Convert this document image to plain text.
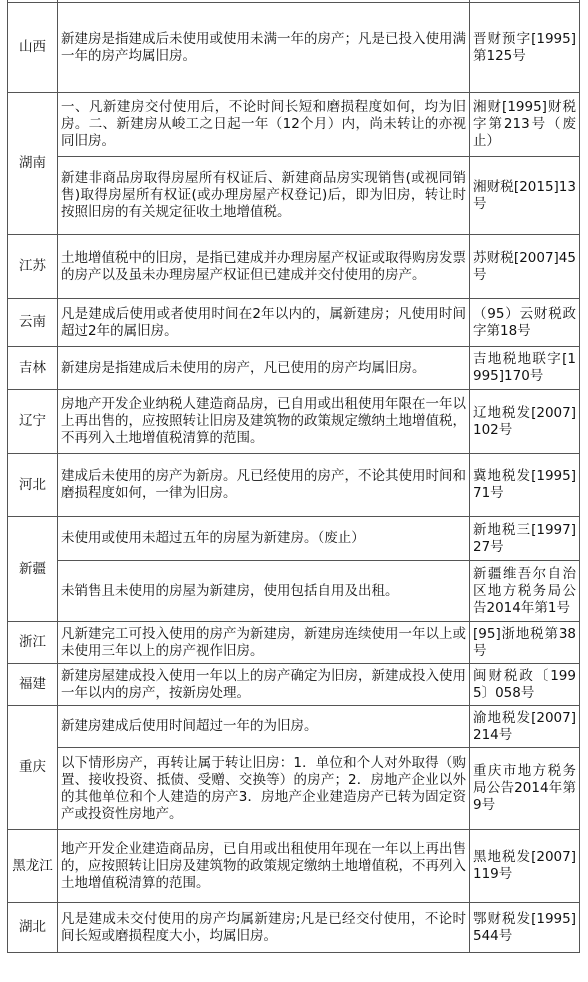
山西	新建房是指建成后未使用或使用未满一年的房产；凡是已投入使用满一年的房产均属旧房。	晋财预字[1995]第125号
湖南	一、凡新建房交付使用后，不论时间长短和磨损程度如何，均为旧房。二、新建房从峻工之日起一年（12个月）内，尚未转让的亦视同旧房。	湘财[1995]财税字第213号（废止）
	新建非商品房取得房屋所有权证后、新建商品房实现销售(或视同销售)取得房屋所有权证(或办理房屋产权登记)后，即为旧房，转让时按照旧房的有关规定征收土地增值税。	湘财税[2015]13号
江苏	土地增值税中的旧房，是指已建成并办理房屋产权证或取得购房发票的房产以及虽未办理房屋产权证但已建成并交付使用的房产。	苏财税[2007]45号
云南	凡是建成后使用或者使用时间在2年以内的，属新建房；凡使用时间超过2年的属旧房。	（95）云财税政字第18号
吉林	新建房是指建成后未使用的房产，凡已使用的房产均属旧房。	吉地税地联字[1995]170号
辽宁	房地产开发企业纳税人建造商品房，已自用或出租使用年限在一年以上再出售的，应按照转让旧房及建筑物的政策规定缴纳土地增值税，不再列入土地增值税清算的范围。	辽地税发[2007]102号
河北	建成后未使用的房产为新房。凡已经使用的房产，不论其使用时间和磨损程度如何，一律为旧房。	冀地税发[1995]71号
新疆	未使用或使用未超过五年的房屋为新建房。（废止）	新地税三[1997]27号
	未销售且未使用的房屋为新建房，使用包括自用及出租。	新疆维吾尔自治区地方税务局公告2014年第1号
浙江	凡新建完工可投入使用的房产为新建房，新建房连续使用一年以上或未使用三年以上的房产视作旧房。	[95]浙地税第38号
福建	新建房屋建成投入使用一年以上的房产确定为旧房，新建成投入使用一年以内的房产，按新房处理。	闽财税政〔1995〕058号
重庆	新建房建成后使用时间超过一年的为旧房。	渝地税发[2007]214号
	以下情形房产，再转让属于转让旧房：1．单位和个人对外取得（购置、接收投资、抵债、受赠、交换等）的房产；2．房地产企业以外的其他单位和个人建造的房产3．房地产企业建造房产已转为固定资产或投资性房地产。	重庆市地方税务局公告2014年第9号
黑龙江	地产开发企业建造商品房，已自用或出租使用年现在一年以上再出售的，应按照转让旧房及建筑物的政策规定缴纳土地增值税，不再列入土地增值税清算的范围。	黑地税发[2007]119号
湖北	凡是建成未交付使用的房产均属新建房;凡是已经交付使用，不论时间长短或磨损程度大小，均属旧房。	鄂财税发[1995]544号
